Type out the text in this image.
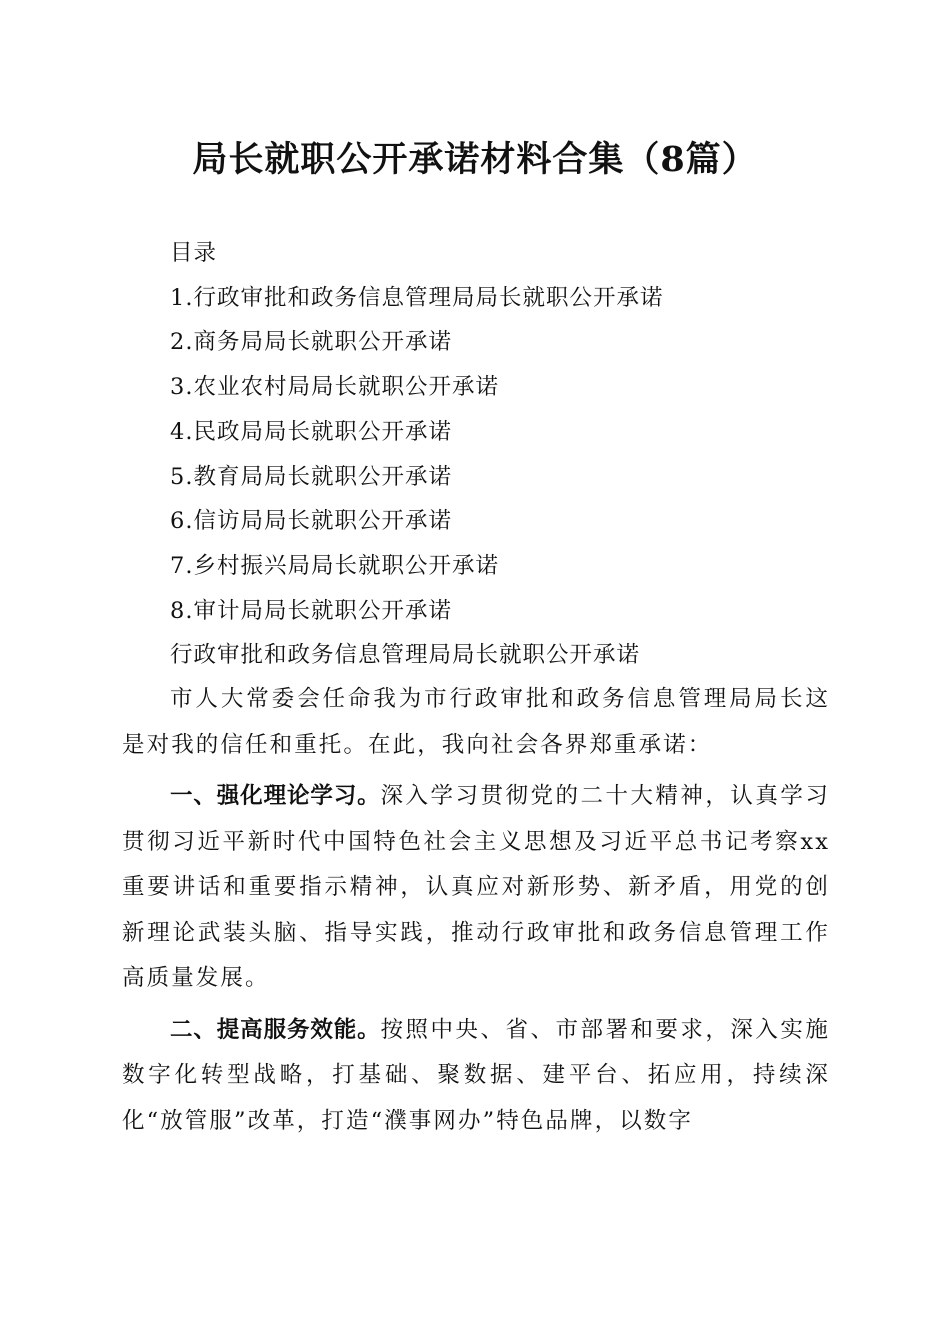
局长就职公开承诺材料合集（8篇）
目录
1.行政审批和政务信息管理局局长就职公开承诺
2.商务局局长就职公开承诺
3.农业农村局局长就职公开承诺
4.民政局局长就职公开承诺
5.教育局局长就职公开承诺
6.信访局局长就职公开承诺
7.乡村振兴局局长就职公开承诺
8.审计局局长就职公开承诺
行政审批和政务信息管理局局长就职公开承诺

市人大常委会任命我为市行政审批和政务信息管理局局长这是对我的信任和重托。在此，我向社会各界郑重承诺：

一、强化理论学习。深入学习贯彻党的二十大精神，认真学习贯彻习近平新时代中国特色社会主义思想及习近平总书记考察xx重要讲话和重要指示精神，认真应对新形势、新矛盾，用党的创新理论武装头脑、指导实践，推动行政审批和政务信息管理工作高质量发展。

二、提高服务效能。按照中央、省、市部署和要求，深入实施数字化转型战略，打基础、聚数据、建平台、拓应用，持续深化“放管服”改革，打造“濮事网办”特色品牌，以数字
